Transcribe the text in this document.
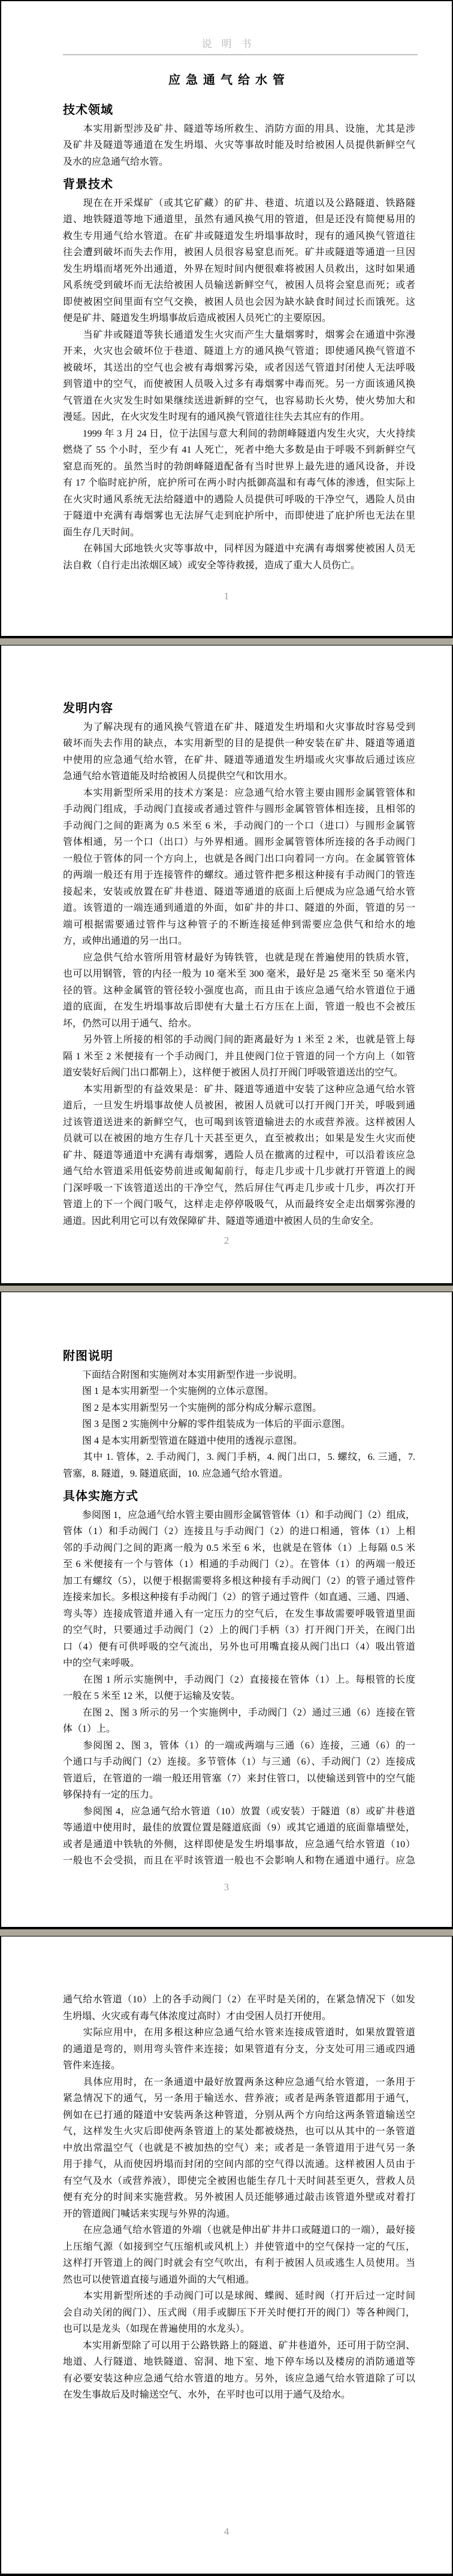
说明书
应急通气给水管
技术领域
　　本实用新型涉及矿井、隧道等场所救生、消防方面的用具、设施，尤其是涉
及矿井及隧道等通道在发生坍塌、火灾等事故时能及时给被困人员提供新鲜空气
及水的应急通气给水管。
背景技术
　　现在在开采煤矿（或其它矿藏）的矿井、巷道、坑道以及公路隧道、铁路隧
道、地铁隧道等地下通道里，虽然有通风换气用的管道，但是还没有简便易用的
救生专用通气给水管道。在矿井或隧道发生坍塌事故时，现有的通风换气管道往
往会遭到破坏而失去作用，被困人员很容易窒息而死。矿井或隧道等通道一旦因
发生坍塌而堵死外出通道，外界在短时间内便很难将被困人员救出，这时如果通
风系统受到破坏而无法给被困人员输送新鲜空气，被困人员将会窒息而死；或者
即使被困空间里面有空气交换，被困人员也会因为缺水缺食时间过长而饿死。这
便是矿井、隧道发生坍塌事故后造成被困人员死亡的主要原因。
　　当矿井或隧道等狭长通道发生火灾而产生大量烟雾时，烟雾会在通道中弥漫
开来，火灾也会破坏位于巷道、隧道上方的通风换气管道；即使通风换气管道不
被破坏，其送出的空气也会被有毒烟雾污染，或者因送气管道封闭使人无法呼吸
到管道中的空气，而使被困人员吸入过多有毒烟雾中毒而死。另一方面该通风换
气管道在火灾发生时如果继续送进新鲜的空气，也容易助长火势，使火势加大和
漫延。因此，在火灾发生时现有的通风换气管道往往失去其应有的作用。
　　1999 年 3 月 24 日，位于法国与意大利间的勃朗峰隧道内发生火灾，大火持续
燃烧了 55 个小时，至少有 41 人死亡，死者中绝大多数是由于呼吸不到新鲜空气
窒息而死的。虽然当时的勃朗峰隧道配备有当时世界上最先进的通风设备，并设
有 17 个临时庇护所，庇护所可在两小时内抵御高温和有毒气体的渗透，但实际上
在火灾时通风系统无法给隧道中的遇险人员提供可呼吸的干净空气，遇险人员由
于隧道中充满有毒烟雾也无法屏气走到庇护所中，而即使进了庇护所也无法在里
面生存几天时间。
　　在韩国大邱地铁火灾等事故中，同样因为隧道中充满有毒烟雾使被困人员无
法自救（自行走出浓烟区域）或安全等待救援，造成了重大人员伤亡。
1
发明内容
　　为了解决现有的通风换气管道在矿井、隧道发生坍塌和火灾事故时容易受到
破坏而失去作用的缺点，本实用新型的目的是提供一种安装在矿井、隧道等通道
中使用的应急通气给水管，在矿井、隧道等通道发生坍塌或火灾事故后通过该应
急通气给水管道能及时给被困人员提供空气和饮用水。
　　本实用新型所采用的技术方案是：应急通气给水管主要由圆形金属管管体和
手动阀门组成，手动阀门直接或者通过管件与圆形金属管管体相连接，且相邻的
手动阀门之间的距离为 0.5 米至 6 米，手动阀门的一个口（进口）与圆形金属管
管体相通，另一个口（出口）与外界相通。圆形金属管管体所连接的各手动阀门
一般位于管体的同一个方向上，也就是各阀门出口向着同一方向。在金属管管体
的两端一般还有用于连接管件的螺纹。通过管件把多根这种接有手动阀门的管连
接起来，安装或放置在矿井巷道、隧道等通道的底面上后便成为应急通气给水管
道。该管道的一端连通到通道的外面，如矿井的井口、隧道的外面，管道的另一
端可根据需要通过管件与这种管子的不断连接延伸到需要应急供气和给水的地
方，或伸出通道的另一出口。
　　应急供气给水管所用管材最好为铸铁管，也就是现在普遍使用的铁质水管，
也可以用钢管，管的内径一般为 10 毫米至 300 毫米，最好是 25 毫米至 50 毫米内
径的管。这种金属管的管径较小强度也高，而且由于该应急通气给水管道位于通
道的底面，在发生坍塌事故后即使有大量土石方压在上面，管道一般也不会被压
坏，仍然可以用于通气、给水。
　　另外管上所接的相邻的手动阀门间的距离最好为 1 米至 2 米，也就是管上每
隔 1 米至 2 米便接有一个手动阀门，并且使阀门位于管道的同一个方向上（如管
道安装好后阀门出口都朝上），这样便于被困人员打开阀门呼吸管道送出的空气。
　　本实用新型的有益效果是：矿井、隧道等通道中安装了这种应急通气给水管
道后，一旦发生坍塌事故使人员被困，被困人员就可以打开阀门开关，呼吸到通
过该管道送进来的新鲜空气，也可喝到该管道输进去的水或营养液。这样被困人
员就可以在被困的地方生存几十天甚至更久，直至被救出；如果是发生火灾而使
矿井、隧道等通道中充满有毒烟雾，遇险人员在撤离的过程中，可以沿着该应急
通气给水管道采用低姿势前进或匍匐前行，每走几步或十几步就打开管道上的阀
门深呼吸一下该管道送出的干净空气，然后屏住气再走几步或十几步，再次打开
管道上的下一个阀门吸气，这样走走停停吸吸气，从而最终安全走出烟雾弥漫的
通道。因此利用它可以有效保障矿井、隧道等通道中被困人员的生命安全。
2
附图说明
　　下面结合附图和实施例对本实用新型作进一步说明。
　　图 1 是本实用新型一个实施例的立体示意图。
　　图 2 是本实用新型另一个实施例的部分构成分解示意图。
　　图 3 是图 2 实施例中分解的零件组装成为一体后的平面示意图。
　　图 4 是本实用新型管道在隧道中使用的透视示意图。
　　其中 1. 管体，2. 手动阀门，3. 阀门手柄，4. 阀门出口，5. 螺纹，6. 三通，7.
管塞，8. 隧道，9. 隧道底面，10. 应急通气给水管道。
具体实施方式
　　参阅图 1，应急通气给水管主要由圆形金属管管体（1）和手动阀门（2）组成，
管体（1）和手动阀门（2）连接且与手动阀门（2）的进口相通，管体（1）上相
邻的手动阀门之间的距离一般为 0.5 米至 6 米，也就是在管体（1）上每隔 0.5 米
至 6 米便接有一个与管体（1）相通的手动阀门（2）。在管体（1）的两端一般还
加工有螺纹（5），以便于根据需要将多根这种接有手动阀门（2）的管子通过管件
连接来加长。多根这种接有手动阀门（2）的管子通过管件（如直通、三通、四通、
弯头等）连接成管道并通入有一定压力的空气后，在发生事故需要呼吸管道里面
的空气时，只要通过手动阀门（2）上的阀门手柄（3）打开阀门开关，在阀门出
口（4）便有可供呼吸的空气流出，另外也可用嘴直接从阀门出口（4）吸出管道
中的空气来呼吸。
　　在图 1 所示实施例中，手动阀门（2）直接接在管体（1）上。每根管的长度
一般在 5 米至 12 米，以便于运输及安装。
　　在图 2、图 3 所示的另一个实施例中，手动阀门（2）通过三通（6）连接在管
体（1）上。
　　参阅图 2、图 3，管体（1）的一端或两端与三通（6）连接，三通（6）的一
个通口与手动阀门（2）连接。多节管体（1）与三通（6）、手动阀门（2）连接成
管道后，在管道的一端一般还用管塞（7）来封住管口，以使输送到管中的空气能
够保持有一定的压力。
　　参阅图 4，应急通气给水管道（10）放置（或安装）于隧道（8）或矿井巷道
等通道中使用时，最佳的放置位置是隧道底面（9）或其它通道的底面靠墙壁处，
或者是通道中铁轨的外侧，这样即使是发生坍塌事故，应急通气给水管道（10）
一般也不会受损，而且在平时该管道一般也不会影响人和物在通道中通行。应急
3
通气给水管道（10）上的各手动阀门（2）在平时是关闭的，在紧急情况下（如发
生坍塌、火灾或有毒气体浓度过高时）才由受困人员打开使用。
　　实际应用中，在用多根这种应急通气给水管来连接成管道时，如果放置管道
的通道是弯的，则用弯头管件来连接；如果管道有分支，分支处可用三通或四通
管件来连接。
　　具体应用时，在一条通道中最好放置两条这种应急通气给水管道，一条用于
紧急情况下的通气，另一条用于输送水、营养液；或者是两条管道都用于通气，
例如在已打通的隧道中安装两条这种管道，分别从两个方向给这两条管道输送空
气，这样发生火灾后即使两条管道上的某处都被烧热，也可以从其中的一条管道
中放出常温空气（也就是不被加热的空气）来；或者是一条管道用于进气另一条
用于排气，从而使因坍塌而封闭的空间内部的空气得以流通。这样被困人员由于
有空气及水（或营养液），即使完全被困也能生存几十天时间甚至更久，营救人员
便有充分的时间来实施营救。另外被困人员还能够通过敲击该管道外壁或对着打
开的管道阀门喊话来实现与外界的沟通。
　　在应急通气给水管道的外端（也就是伸出矿井井口或隧道口的一端），最好接
上压缩气源（如接到空气压缩机或风机上）并使管道中的空气保持一定的气压，
这样打开管道上的阀门时就会有空气吹出，有利于被困人员或逃生人员使用。当
然也可以使管道直接与通道外面的大气相通。
　　本实用新型所述的手动阀门可以是球阀、蝶阀、延时阀（打开后过一定时间
会自动关闭的阀门）、压式阀（用手或脚压下开关时便打开的阀门）等各种阀门，
也可以是龙头（如现在普遍使用的水龙头）。
　　本实用新型除了可以用于公路铁路上的隧道、矿井巷道外，还可用于防空洞、
地道、人行隧道、地铁隧道、窑洞、地下室、地下停车场以及楼房的消防通道等
有必要安装这种应急通气给水管道的地方。另外，该应急通气给水管道除了可以
在发生事故后及时输送空气、水外，在平时也可以用于通气及给水。
4
